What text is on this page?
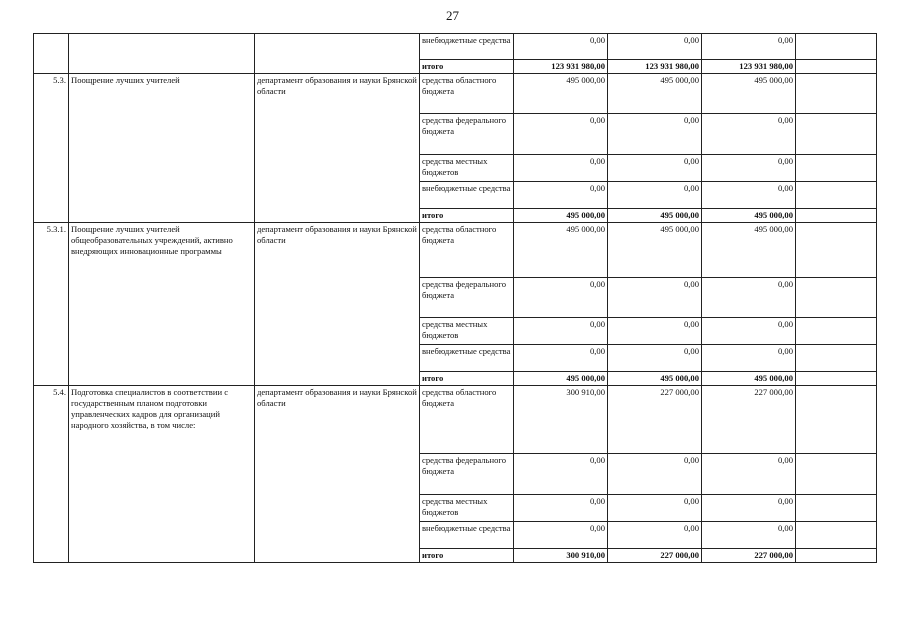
27
			внебюджетные средства	0,00	0,00	0,00	
			итого	123 931 980,00	123 931 980,00	123 931 980,00	
5.3.	Поощрение лучших учителей	департамент образования и науки Брянской области	средства областного бюджета	495 000,00	495 000,00	495 000,00	
			средства федерального бюджета	0,00	0,00	0,00	
			средства местных бюджетов	0,00	0,00	0,00	
			внебюджетные средства	0,00	0,00	0,00	
			итого	495 000,00	495 000,00	495 000,00	
5.3.1.	Поощрение лучших учителей общеобразовательных учреждений, активно внедряющих инновационные программы	департамент образования и науки Брянской области	средства областного бюджета	495 000,00	495 000,00	495 000,00	
			средства федерального бюджета	0,00	0,00	0,00	
			средства местных бюджетов	0,00	0,00	0,00	
			внебюджетные средства	0,00	0,00	0,00	
			итого	495 000,00	495 000,00	495 000,00	
5.4.	Подготовка специалистов в соответствии с государственным планом подготовки управленческих кадров для организаций народного хозяйства, в том числе:	департамент образования и науки Брянской области	средства областного бюджета	300 910,00	227 000,00	227 000,00	
			средства федерального бюджета	0,00	0,00	0,00	
			средства местных бюджетов	0,00	0,00	0,00	
			внебюджетные средства	0,00	0,00	0,00	
			итого	300 910,00	227 000,00	227 000,00	
